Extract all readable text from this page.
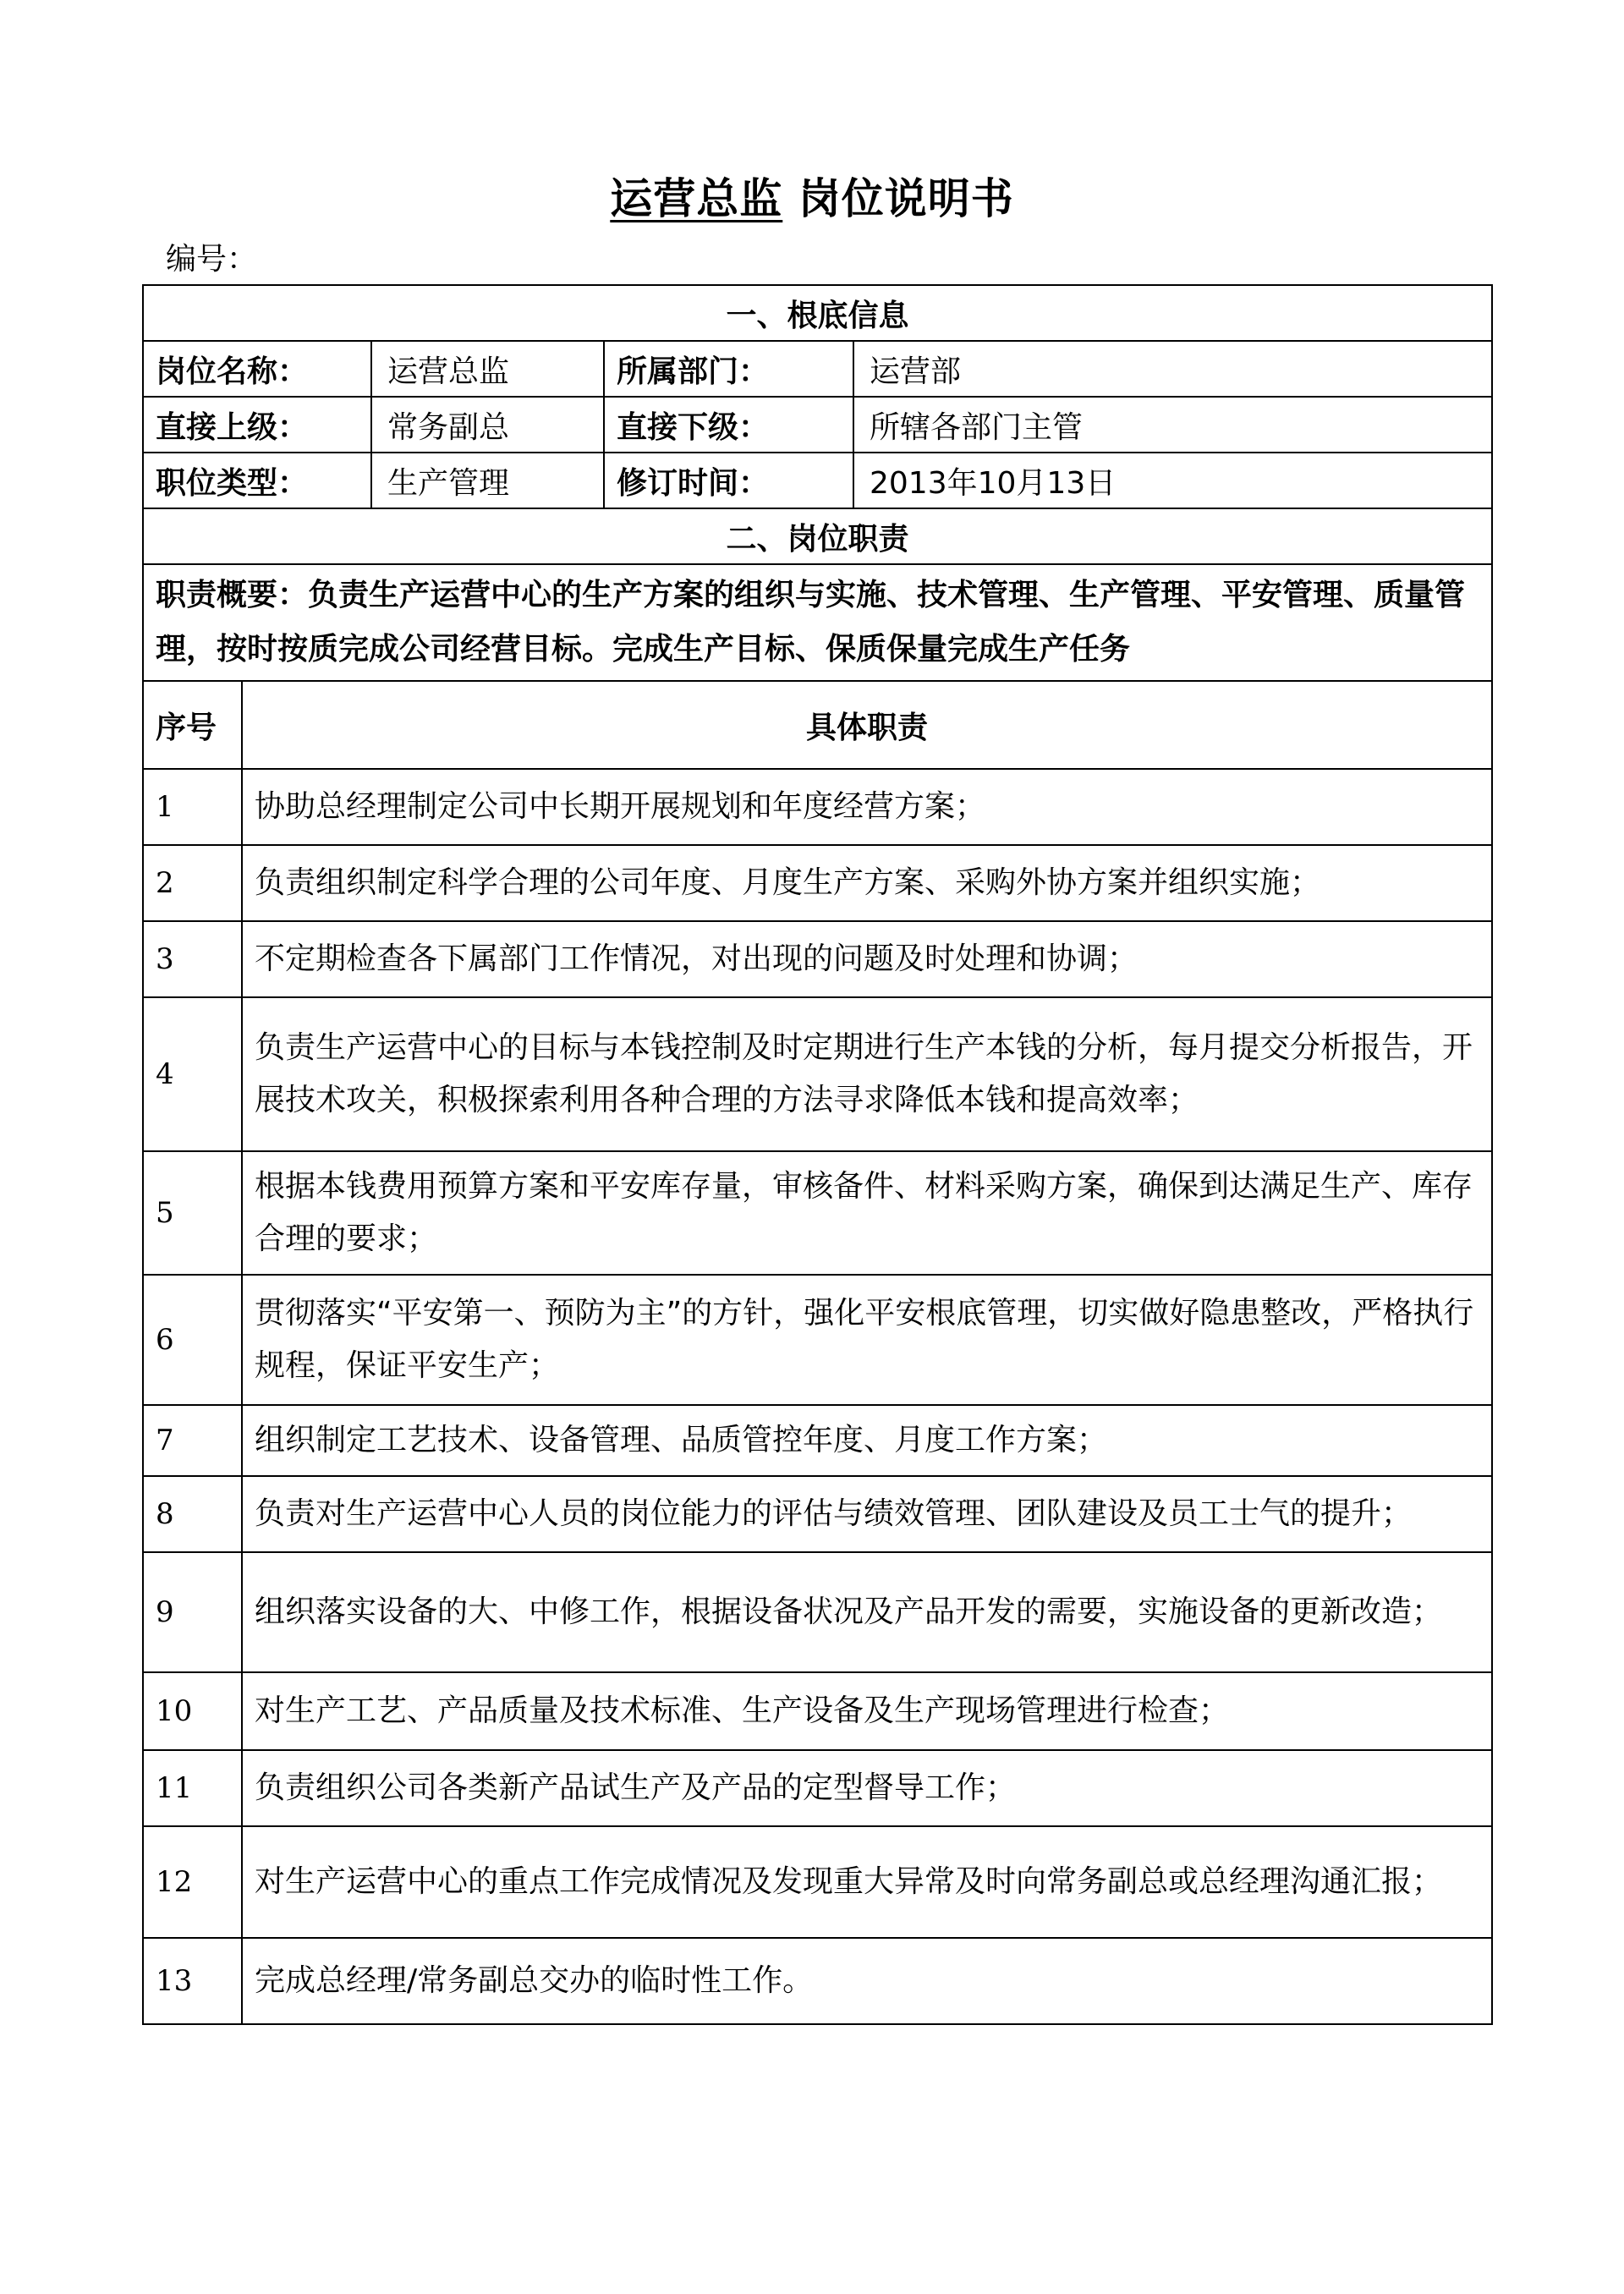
运营总监 岗位说明书
编号：
一、根底信息				
岗位名称：		运营总监	所属部门：	运营部
直接上级：		常务副总	直接下级：	所辖各部门主管
职位类型：		生产管理	修订时间：	2013年10月13日
二、岗位职责				
职责概要：负责生产运营中心的生产方案的组织与实施、技术管理、生产管理、平安管理、质量管理，按时按质完成公司经营目标。完成生产目标、保质保量完成生产任务				
序号	具体职责			
1	协助总经理制定公司中长期开展规划和年度经营方案；			
2	负责组织制定科学合理的公司年度、月度生产方案、采购外协方案并组织实施；			
3	不定期检查各下属部门工作情况，对出现的问题及时处理和协调；			
4	负责生产运营中心的目标与本钱控制及时定期进行生产本钱的分析，每月提交分析报告，开展技术攻关，积极探索利用各种合理的方法寻求降低本钱和提高效率；			
5	根据本钱费用预算方案和平安库存量，审核备件、材料采购方案，确保到达满足生产、库存合理的要求；			
6	贯彻落实“平安第一、预防为主”的方针，强化平安根底管理，切实做好隐患整改，严格执行规程，保证平安生产；			
7	组织制定工艺技术、设备管理、品质管控年度、月度工作方案；			
8	负责对生产运营中心人员的岗位能力的评估与绩效管理、团队建设及员工士气的提升；			
9	组织落实设备的大、中修工作，根据设备状况及产品开发的需要，实施设备的更新改造；			
10	对生产工艺、产品质量及技术标准、生产设备及生产现场管理进行检查；			
11	负责组织公司各类新产品试生产及产品的定型督导工作；			
12	对生产运营中心的重点工作完成情况及发现重大异常及时向常务副总或总经理沟通汇报；			
13	完成总经理/常务副总交办的临时性工作。			
